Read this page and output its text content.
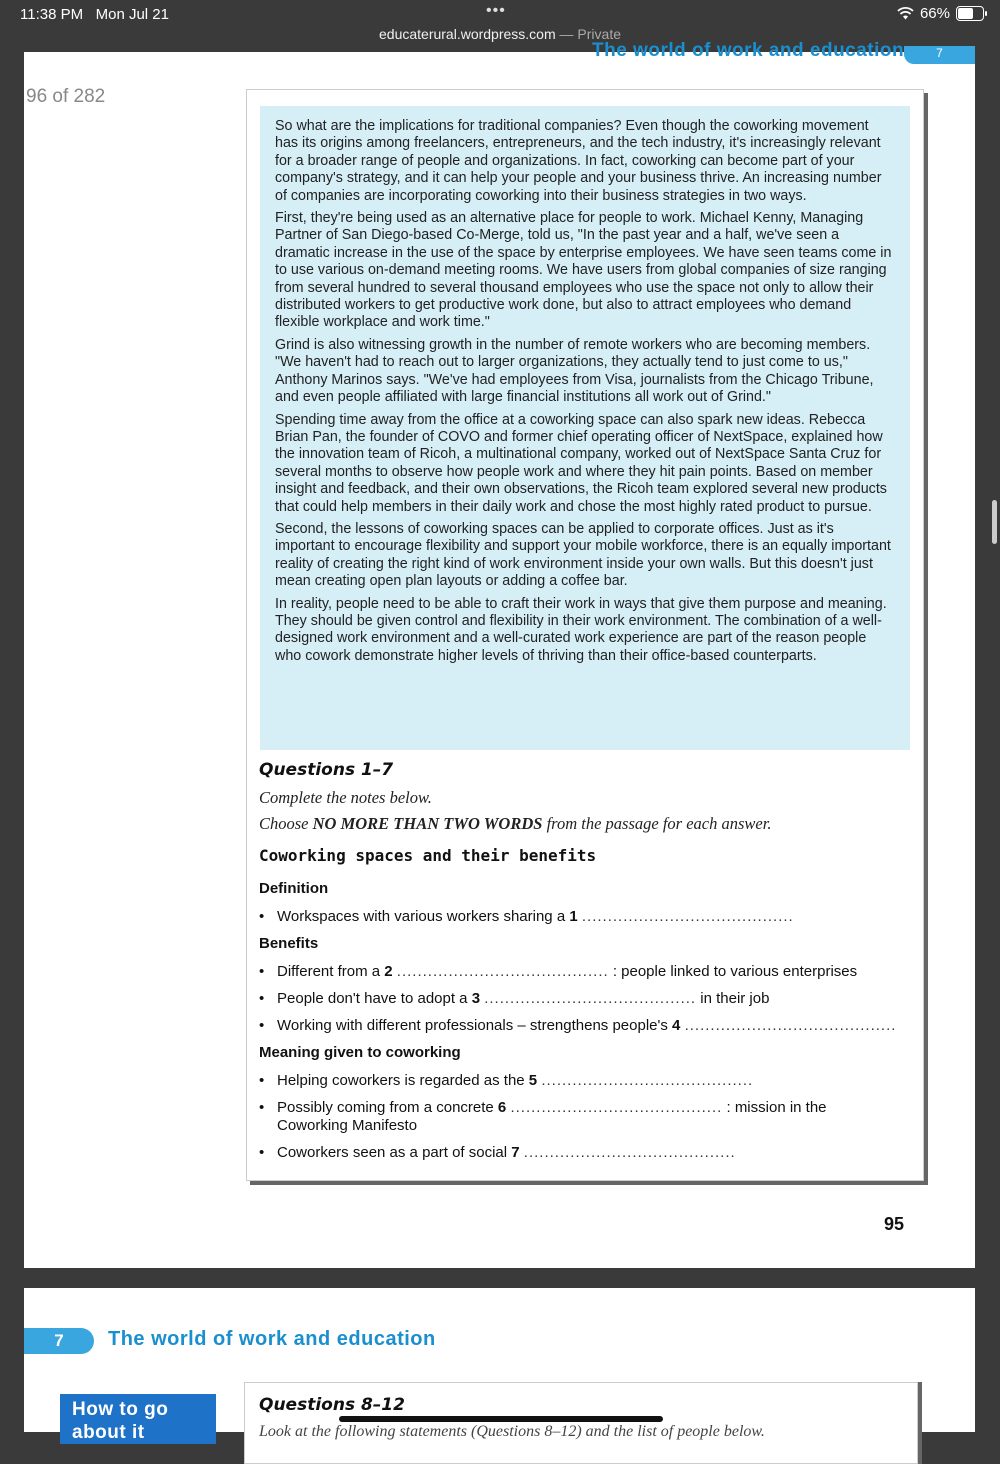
11:38 PM Mon Jul 21	•••
educaterural.wordpress.com — Private
66%
The world of work and education	7
96 of 282

So what are the implications for traditional companies? Even though the coworking movement has its origins among freelancers, entrepreneurs, and the tech industry, it's increasingly relevant for a broader range of people and organizations. In fact, coworking can become part of your company's strategy, and it can help your people and your business thrive. An increasing number of companies are incorporating coworking into their business strategies in two ways.

First, they're being used as an alternative place for people to work. Michael Kenny, Managing Partner of San Diego-based Co-Merge, told us, "In the past year and a half, we've seen a dramatic increase in the use of the space by enterprise employees. We have seen teams come in to use various on-demand meeting rooms. We have users from global companies of size ranging from several hundred to several thousand employees who use the space not only to allow their distributed workers to get productive work done, but also to attract employees who demand flexible workplace and work time."

Grind is also witnessing growth in the number of remote workers who are becoming members. "We haven't had to reach out to larger organizations, they actually tend to just come to us," Anthony Marinos says. "We've had employees from Visa, journalists from the Chicago Tribune, and even people affiliated with large financial institutions all work out of Grind."

Spending time away from the office at a coworking space can also spark new ideas. Rebecca Brian Pan, the founder of COVO and former chief operating officer of NextSpace, explained how the innovation team of Ricoh, a multinational company, worked out of NextSpace Santa Cruz for several months to observe how people work and where they hit pain points. Based on member insight and feedback, and their own observations, the Ricoh team explored several new products that could help members in their daily work and chose the most highly rated product to pursue.

Second, the lessons of coworking spaces can be applied to corporate offices. Just as it's important to encourage flexibility and support your mobile workforce, there is an equally important reality of creating the right kind of work environment inside your own walls. But this doesn't just mean creating open plan layouts or adding a coffee bar.

In reality, people need to be able to craft their work in ways that give them purpose and meaning. They should be given control and flexibility in their work environment. The combination of a well-designed work environment and a well-curated work experience are part of the reason people who cowork demonstrate higher levels of thriving than their office-based counterparts.

Questions 1–7
Complete the notes below.
Choose NO MORE THAN TWO WORDS from the passage for each answer.
Coworking spaces and their benefits
Definition
• Workspaces with various workers sharing a 1 .........................................
Benefits
• Different from a 2 ......................................... : people linked to various enterprises
• People don't have to adopt a 3 ......................................... in their job
• Working with different professionals – strengthens people's 4 .........................................
Meaning given to coworking
• Helping coworkers is regarded as the 5 .........................................
• Possibly coming from a concrete 6 ......................................... : mission in the
Coworking Manifesto
• Coworkers seen as a part of social 7 .........................................
95
7	The world of work and education
How to go about it
Questions 8–12
Look at the following statements (Questions 8–12) and the list of people below.
